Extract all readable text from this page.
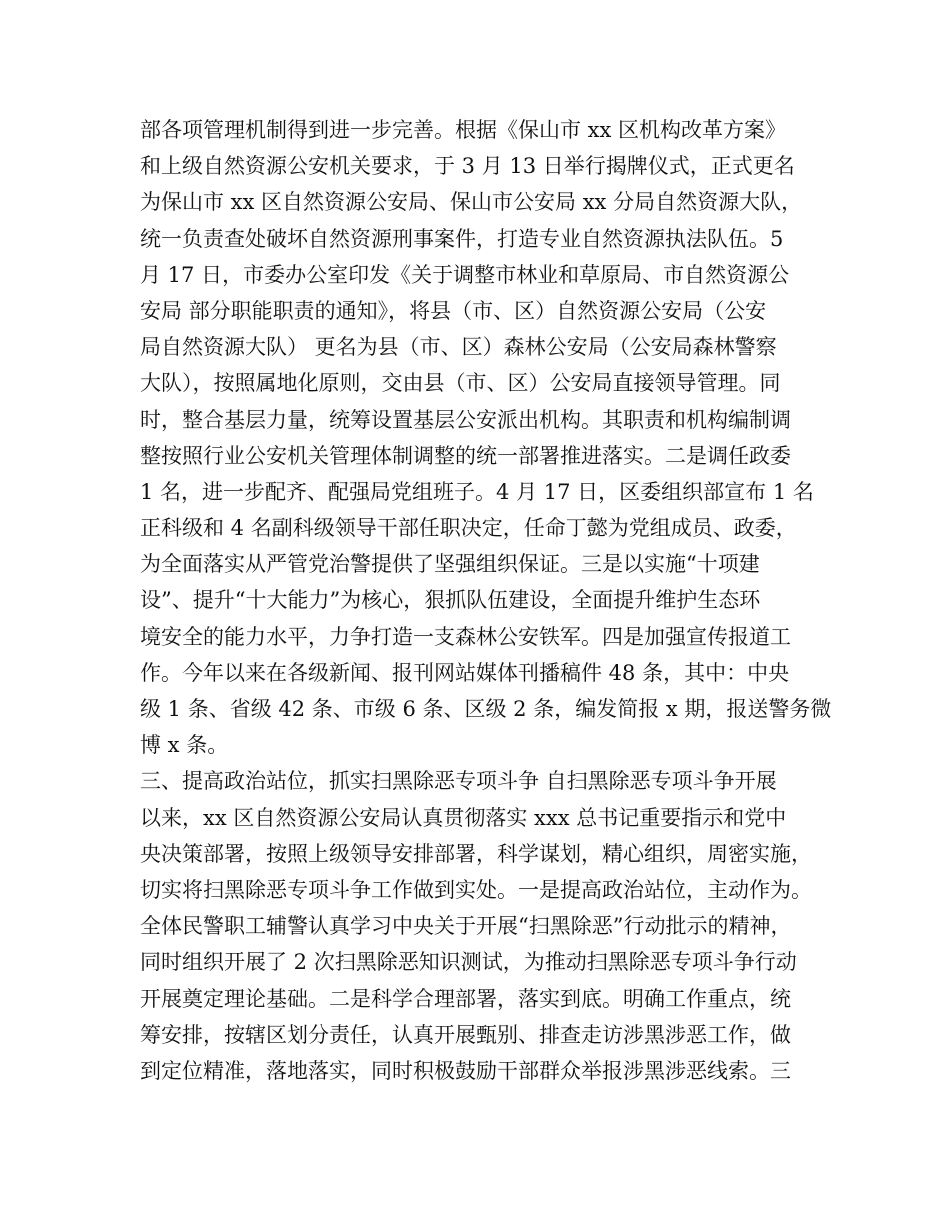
部各项管理机制得到进一步完善。根据《保山市 xx 区机构改革方案》
和上级自然资源公安机关要求，于 3 月 13 日举行揭牌仪式，正式更名
为保山市 xx 区自然资源公安局、保山市公安局 xx 分局自然资源大队，
统一负责查处破坏自然资源刑事案件，打造专业自然资源执法队伍。5
月 17 日，市委办公室印发《关于调整市林业和草原局、市自然资源公
安局 部分职能职责的通知》，将县（市、区）自然资源公安局（公安
局自然资源大队） 更名为县（市、区）森林公安局（公安局森林警察
大队），按照属地化原则，交由县（市、区）公安局直接领导管理。同
时，整合基层力量，统筹设置基层公安派出机构。其职责和机构编制调
整按照行业公安机关管理体制调整的统一部署推进落实。二是调任政委
1 名，进一步配齐、配强局党组班子。4 月 17 日，区委组织部宣布 1 名
正科级和 4 名副科级领导干部任职决定，任命丁懿为党组成员、政委，
为全面落实从严管党治警提供了坚强组织保证。三是以实施“十项建
设”、提升“十大能力”为核心，狠抓队伍建设，全面提升维护生态环
境安全的能力水平，力争打造一支森林公安铁军。四是加强宣传报道工
作。今年以来在各级新闻、报刊网站媒体刊播稿件 48 条，其中：中央
级 1 条、省级 42 条、市级 6 条、区级 2 条，编发简报 x 期，报送警务微
博 x 条。
三、提高政治站位，抓实扫黑除恶专项斗争 自扫黑除恶专项斗争开展
以来，xx 区自然资源公安局认真贯彻落实 xxx 总书记重要指示和党中
央决策部署，按照上级领导安排部署，科学谋划，精心组织，周密实施，
切实将扫黑除恶专项斗争工作做到实处。一是提高政治站位，主动作为。
全体民警职工辅警认真学习中央关于开展“扫黑除恶”行动批示的精神，
同时组织开展了 2 次扫黑除恶知识测试，为推动扫黑除恶专项斗争行动
开展奠定理论基础。二是科学合理部署，落实到底。明确工作重点，统
筹安排，按辖区划分责任，认真开展甄别、排查走访涉黑涉恶工作，做
到定位精准，落地落实，同时积极鼓励干部群众举报涉黑涉恶线索。三
